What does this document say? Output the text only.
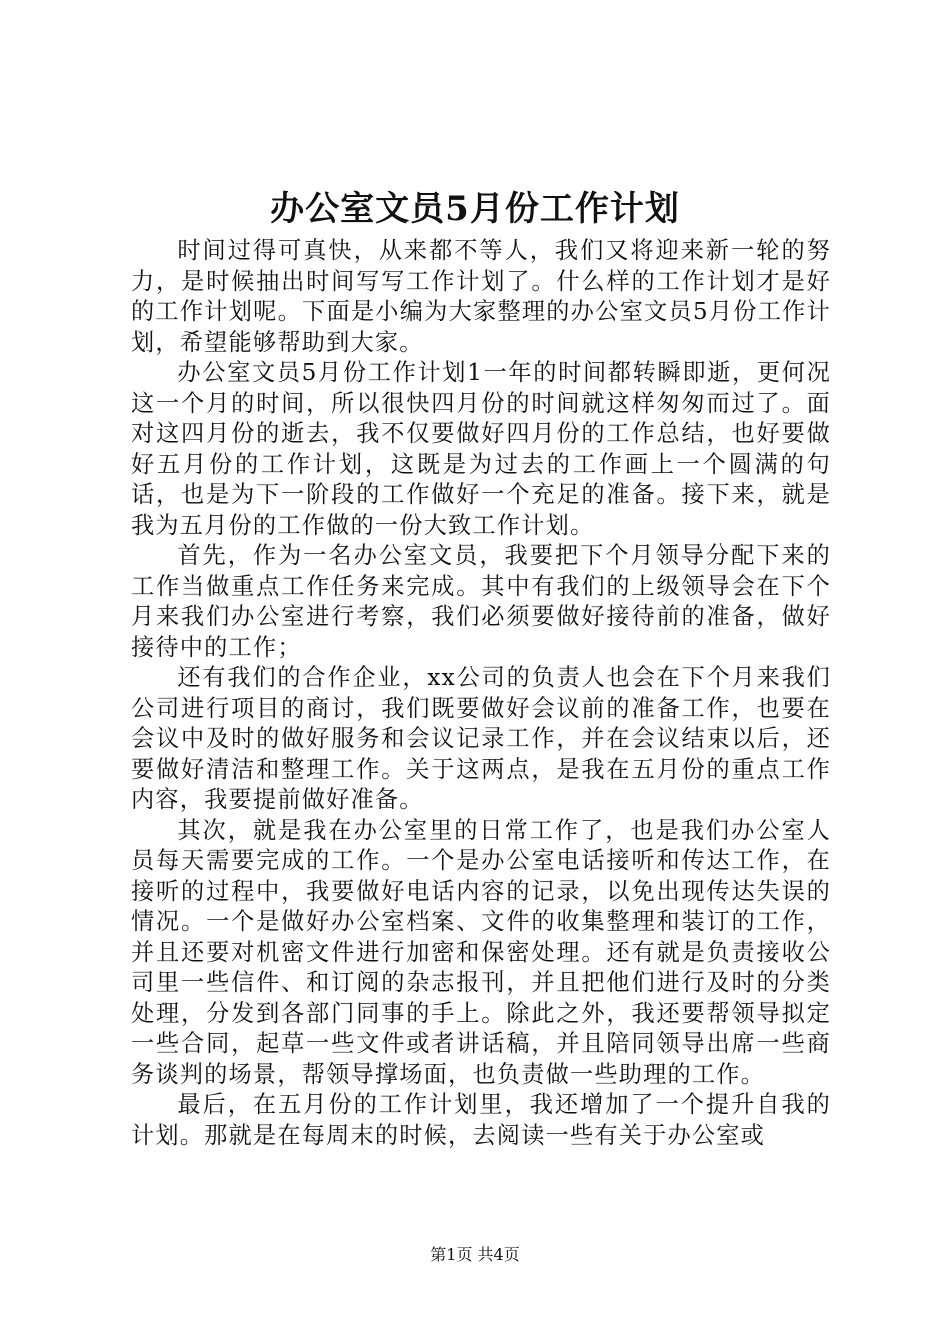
办公室文员5月份工作计划

时间过得可真快，从来都不等人，我们又将迎来新一轮的努力，是时候抽出时间写写工作计划了。什么样的工作计划才是好的工作计划呢。下面是小编为大家整理的办公室文员5月份工作计划，希望能够帮助到大家。

办公室文员5月份工作计划1一年的时间都转瞬即逝，更何况这一个月的时间，所以很快四月份的时间就这样匆匆而过了。面对这四月份的逝去，我不仅要做好四月份的工作总结，也好要做好五月份的工作计划，这既是为过去的工作画上一个圆满的句话，也是为下一阶段的工作做好一个充足的准备。接下来，就是我为五月份的工作做的一份大致工作计划。

首先，作为一名办公室文员，我要把下个月领导分配下来的工作当做重点工作任务来完成。其中有我们的上级领导会在下个月来我们办公室进行考察，我们必须要做好接待前的准备，做好接待中的工作；

还有我们的合作企业，xx公司的负责人也会在下个月来我们公司进行项目的商讨，我们既要做好会议前的准备工作，也要在会议中及时的做好服务和会议记录工作，并在会议结束以后，还要做好清洁和整理工作。关于这两点，是我在五月份的重点工作内容，我要提前做好准备。

其次，就是我在办公室里的日常工作了，也是我们办公室人员每天需要完成的工作。一个是办公室电话接听和传达工作，在接听的过程中，我要做好电话内容的记录，以免出现传达失误的情况。一个是做好办公室档案、文件的收集整理和装订的工作，并且还要对机密文件进行加密和保密处理。还有就是负责接收公司里一些信件、和订阅的杂志报刊，并且把他们进行及时的分类处理，分发到各部门同事的手上。除此之外，我还要帮领导拟定一些合同，起草一些文件或者讲话稿，并且陪同领导出席一些商务谈判的场景，帮领导撑场面，也负责做一些助理的工作。

最后，在五月份的工作计划里，我还增加了一个提升自我的计划。那就是在每周末的时候，去阅读一些有关于办公室或

第1页 共4页
